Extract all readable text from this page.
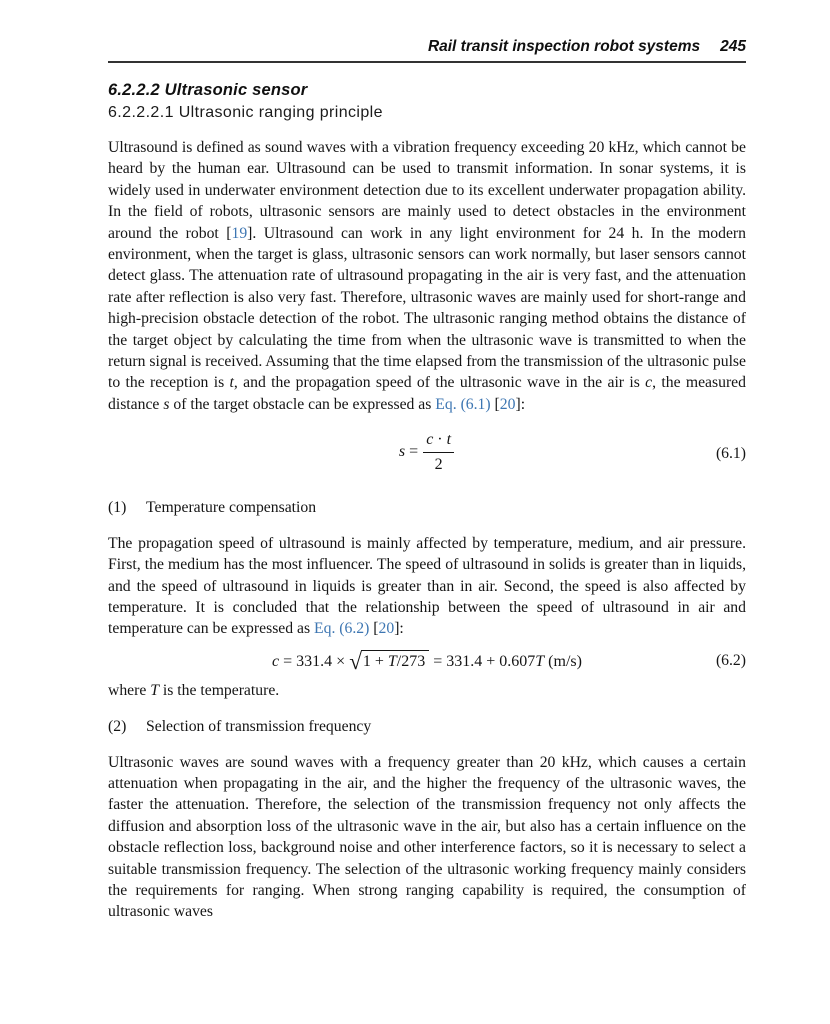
Rail transit inspection robot systems 245
6.2.2.2 Ultrasonic sensor
6.2.2.2.1 Ultrasonic ranging principle

Ultrasound is defined as sound waves with a vibration frequency exceeding 20 kHz, which cannot be heard by the human ear. Ultrasound can be used to transmit information. In sonar systems, it is widely used in underwater environment detection due to its excellent underwater propagation ability. In the field of robots, ultrasonic sensors are mainly used to detect obstacles in the environment around the robot [19]. Ultrasound can work in any light environment for 24 h. In the modern environment, when the target is glass, ultrasonic sensors can work normally, but laser sensors cannot detect glass. The attenuation rate of ultrasound propagating in the air is very fast, and the attenuation rate after reflection is also very fast. Therefore, ultrasonic waves are mainly used for short-range and high-precision obstacle detection of the robot. The ultrasonic ranging method obtains the distance of the target object by calculating the time from when the ultrasonic wave is transmitted to when the return signal is received. Assuming that the time elapsed from the transmission of the ultrasonic pulse to the reception is t, and the propagation speed of the ultrasonic wave in the air is c, the measured distance s of the target obstacle can be expressed as Eq. (6.1) [20]:

$s = \frac{c \cdot t}{2}$	(6.1)
(1)	Temperature compensation

The propagation speed of ultrasound is mainly affected by temperature, medium, and air pressure. First, the medium has the most influencer. The speed of ultrasound in solids is greater than in liquids, and the speed of ultrasound in liquids is greater than in air. Second, the speed is also affected by temperature. It is concluded that the relationship between the speed of ultrasound in air and temperature can be expressed as Eq. (6.2) [20]:

c = 331.4 × √ 1 + T/273 = 331.4 + 0.607T (m/s)	(6.2)

where T is the temperature.

(2)	Selection of transmission frequency

Ultrasonic waves are sound waves with a frequency greater than 20 kHz, which causes a certain attenuation when propagating in the air, and the higher the frequency of the ultrasonic waves, the faster the attenuation. Therefore, the selection of the transmission frequency not only affects the diffusion and absorption loss of the ultrasonic wave in the air, but also has a certain influence on the obstacle reflection loss, background noise and other interference factors, so it is necessary to select a suitable transmission frequency. The selection of the ultrasonic working frequency mainly considers the requirements for ranging. When strong ranging capability is required, the consumption of ultrasonic waves
